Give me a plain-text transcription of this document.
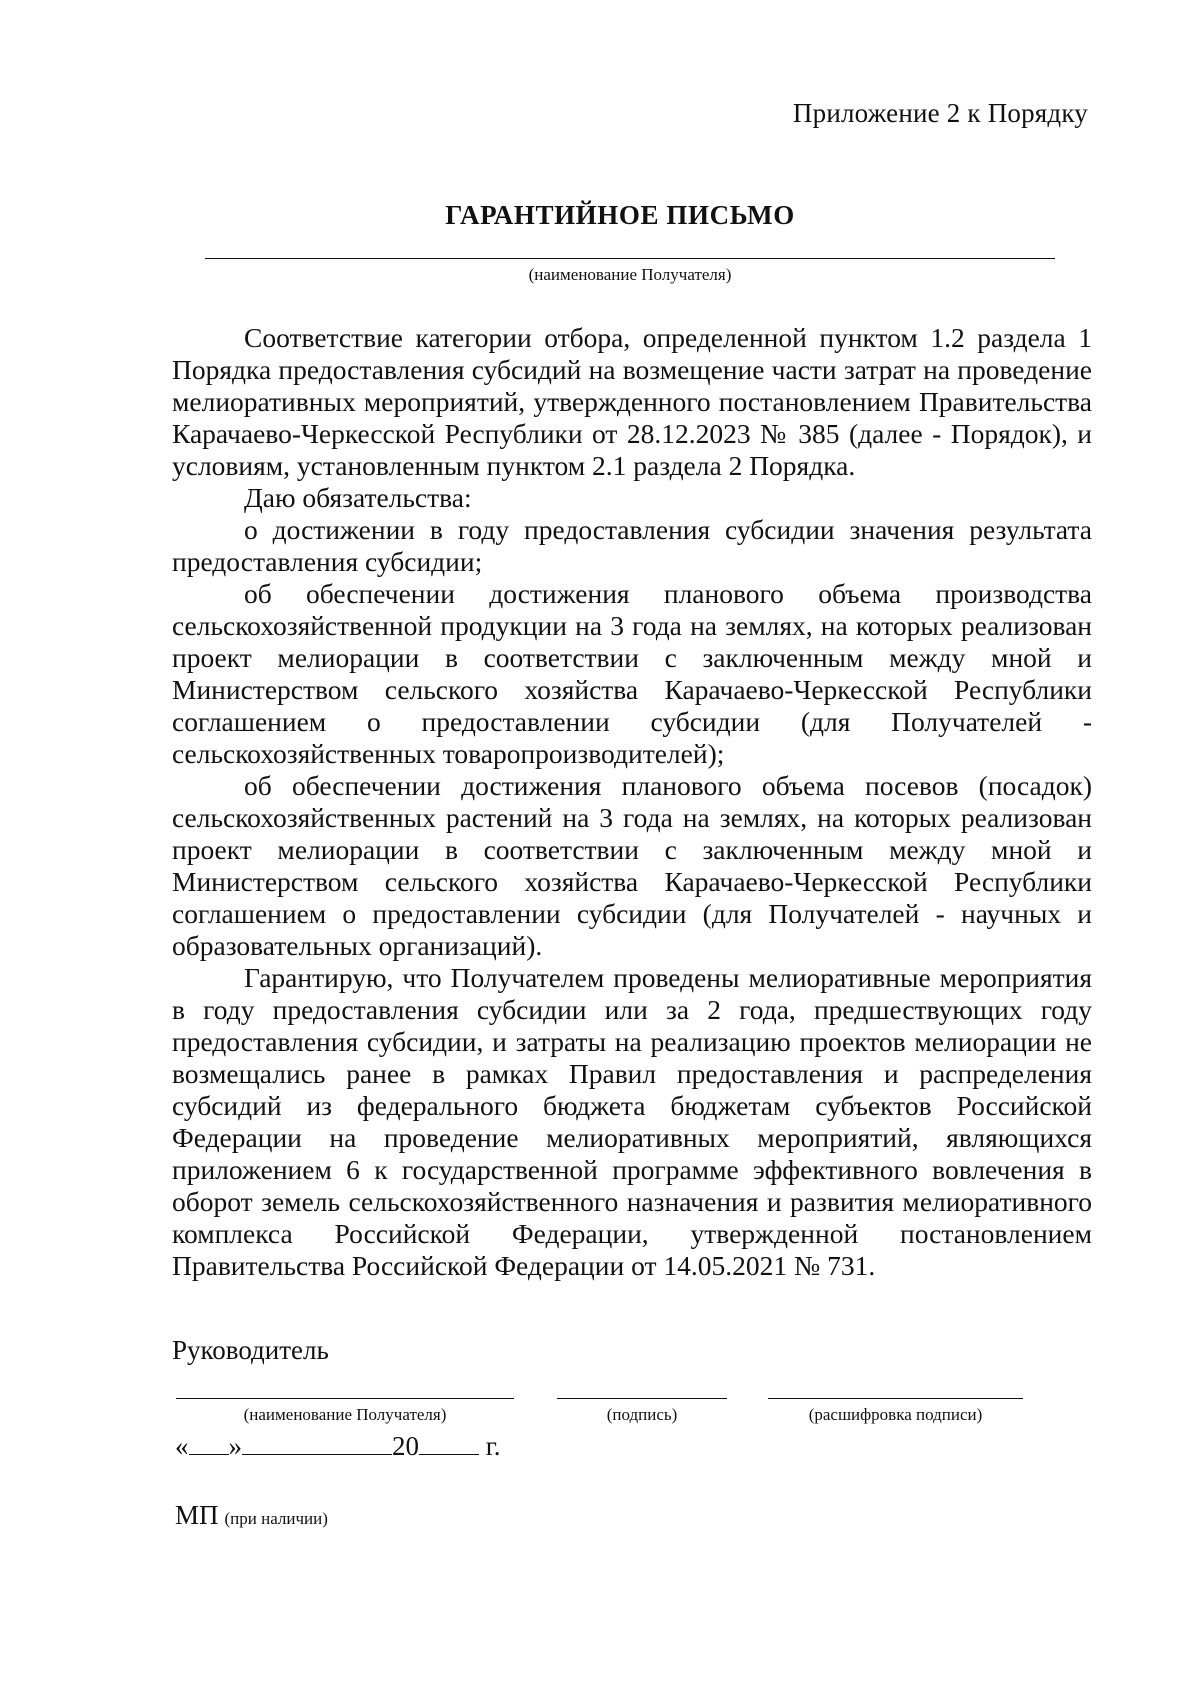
Приложение 2 к Порядку
ГАРАНТИЙНОЕ ПИСЬМО
(наименование Получателя)

Соответствие категории отбора, определенной пунктом 1.2 раздела 1 Порядка предоставления субсидий на возмещение части затрат на проведение мелиоративных мероприятий, утвержденного постановлением Правительства Карачаево-Черкесской Республики от 28.12.2023 № 385 (далее - Порядок), и условиям, установленным пунктом 2.1 раздела 2 Порядка.

Даю обязательства:

о достижении в году предоставления субсидии значения результата предоставления субсидии;

об обеспечении достижения планового объема производства сельскохозяйственной продукции на 3 года на землях, на которых реализован проект мелиорации в соответствии с заключенным между мной и Министерством сельского хозяйства Карачаево-Черкесской Республики соглашением о предоставлении субсидии (для Получателей - сельскохозяйственных товаропроизводителей);

об обеспечении достижения планового объема посевов (посадок) сельскохозяйственных растений на 3 года на землях, на которых реализован проект мелиорации в соответствии с заключенным между мной и Министерством сельского хозяйства Карачаево-Черкесской Республики соглашением о предоставлении субсидии (для Получателей - научных и образовательных организаций).

Гарантирую, что Получателем проведены мелиоративные мероприятия в году предоставления субсидии или за 2 года, предшествующих году предоставления субсидии, и затраты на реализацию проектов мелиорации не возмещались ранее в рамках Правил предоставления и распределения субсидий из федерального бюджета бюджетам субъектов Российской Федерации на проведение мелиоративных мероприятий, являющихся приложением 6 к государственной программе эффективного вовлечения в оборот земель сельскохозяйственного назначения и развития мелиоративного комплекса Российской Федерации, утвержденной постановлением Правительства Российской Федерации от 14.05.2021 № 731.

Руководитель
(наименование Получателя)	(подпись)	(расшифровка подписи)
« »	20 г.
МП (при наличии)
